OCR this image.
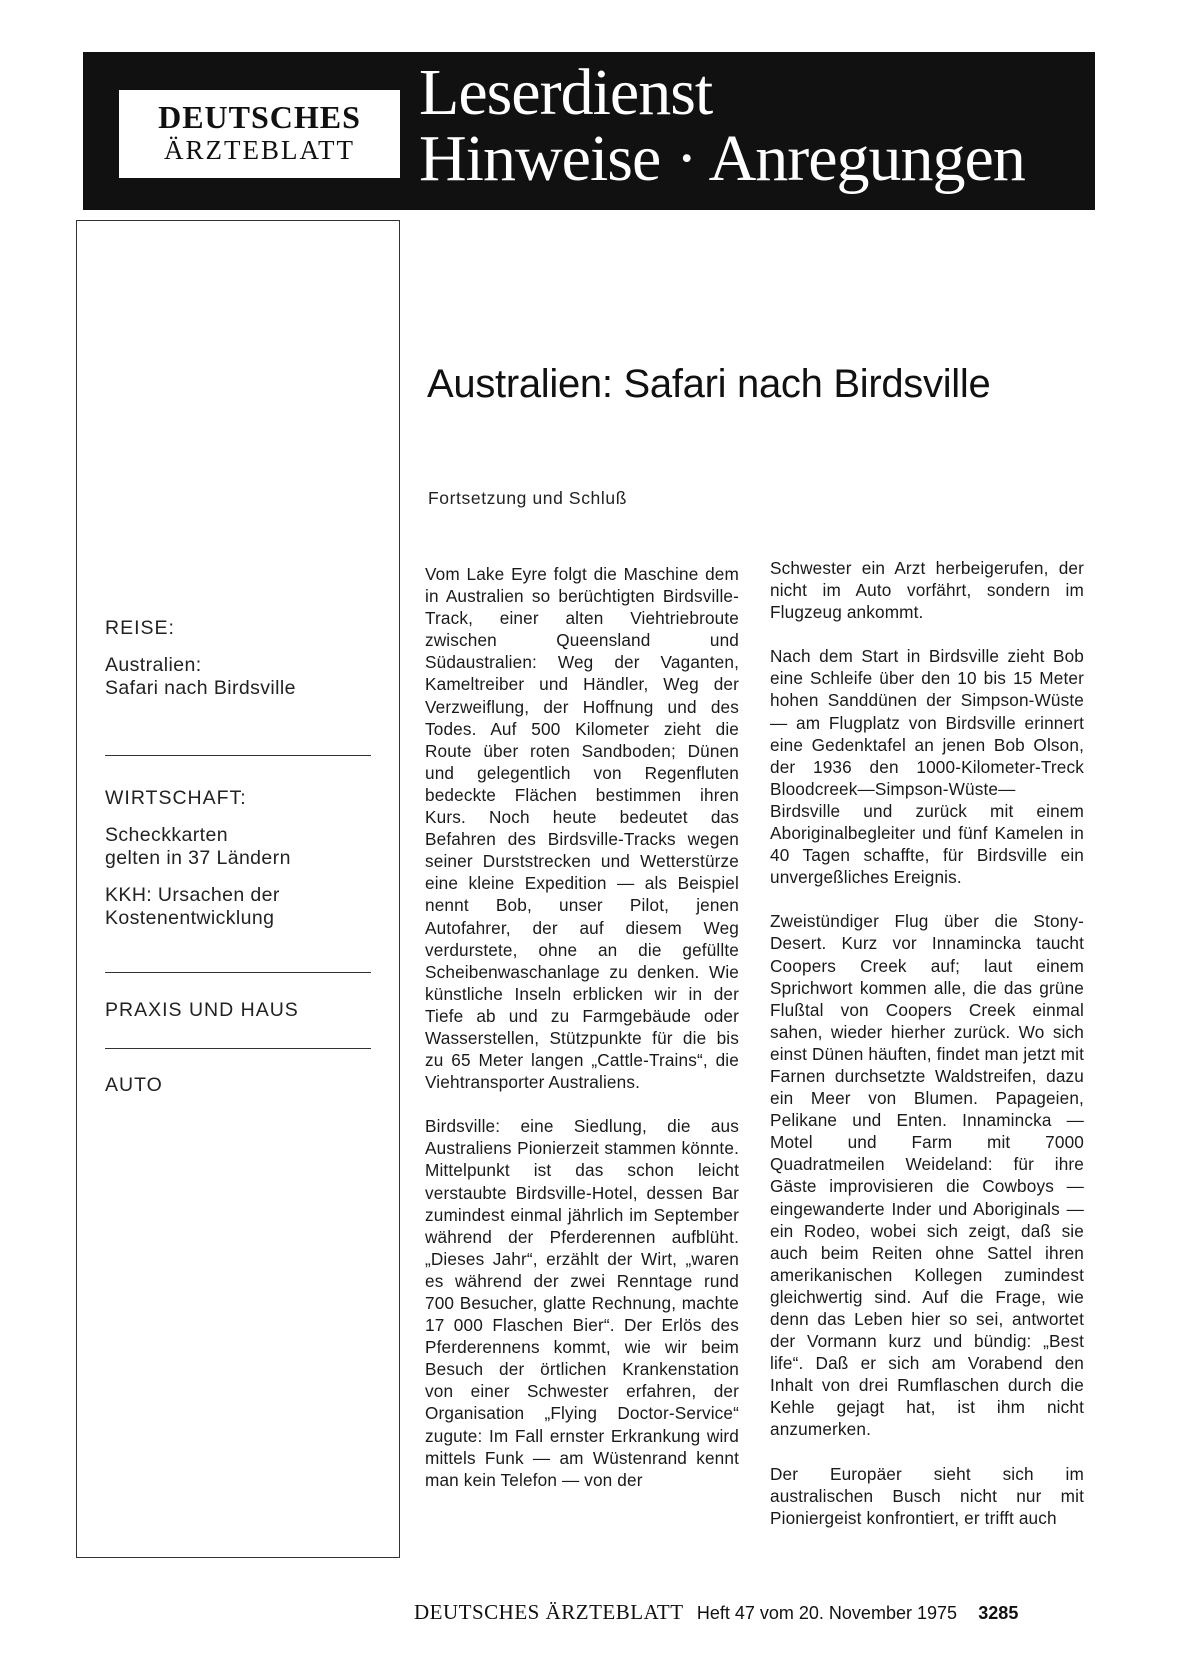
DEUTSCHES
ÄRZTEBLATT
Leserdienst
Hinweise · Anregungen
REISE:
Australien:
Safari nach Birdsville
WIRTSCHAFT:
Scheckkarten
gelten in 37 Ländern
KKH: Ursachen der
Kostenentwicklung
PRAXIS UND HAUS
AUTO
Australien: Safari nach Birdsville
Fortsetzung und Schluß

Vom Lake Eyre folgt die Maschine dem in Australien so berüchtigten Birdsville-Track, einer alten Viehtriebroute zwischen Queensland und Südaustralien: Weg der Vaganten, Kameltreiber und Händler, Weg der Verzweiflung, der Hoffnung und des Todes. Auf 500 Kilometer zieht die Route über roten Sandboden; Dünen und gelegentlich von Regenfluten bedeckte Flächen bestimmen ihren Kurs. Noch heute bedeutet das Befahren des Birdsville-Tracks wegen seiner Durststrecken und Wetterstürze eine kleine Expedition — als Beispiel nennt Bob, unser Pilot, jenen Autofahrer, der auf diesem Weg verdurstete, ohne an die gefüllte Scheibenwaschanlage zu denken. Wie künstliche Inseln erblicken wir in der Tiefe ab und zu Farmgebäude oder Wasserstellen, Stützpunkte für die bis zu 65 Meter langen „Cattle-Trains“, die Viehtransporter Australiens.

Birdsville: eine Siedlung, die aus Australiens Pionierzeit stammen könnte. Mittelpunkt ist das schon leicht verstaubte Birdsville-Hotel, dessen Bar zumindest einmal jährlich im September während der Pferderennen aufblüht. „Dieses Jahr“, erzählt der Wirt, „waren es während der zwei Renntage rund 700 Besucher, glatte Rechnung, machte 17 000 Flaschen Bier“. Der Erlös des Pferderennens kommt, wie wir beim Besuch der örtlichen Krankenstation von einer Schwester erfahren, der Organisation „Flying Doctor-Service“ zugute: Im Fall ernster Erkrankung wird mittels Funk — am Wüstenrand kennt man kein Telefon — von der

Schwester ein Arzt herbeigerufen, der nicht im Auto vorfährt, sondern im Flugzeug ankommt.

Nach dem Start in Birdsville zieht Bob eine Schleife über den 10 bis 15 Meter hohen Sanddünen der Simpson-Wüste — am Flugplatz von Birdsville erinnert eine Gedenktafel an jenen Bob Olson, der 1936 den 1000-Kilometer-Treck Bloodcreek—Simpson-Wüste—Birdsville und zurück mit einem Aboriginalbegleiter und fünf Kamelen in 40 Tagen schaffte, für Birdsville ein unvergeßliches Ereignis.

Zweistündiger Flug über die Stony-Desert. Kurz vor Innamincka taucht Coopers Creek auf; laut einem Sprichwort kommen alle, die das grüne Flußtal von Coopers Creek einmal sahen, wieder hierher zurück. Wo sich einst Dünen häuften, findet man jetzt mit Farnen durchsetzte Waldstreifen, dazu ein Meer von Blumen. Papageien, Pelikane und Enten. Innamincka — Motel und Farm mit 7000 Quadratmeilen Weideland: für ihre Gäste improvisieren die Cowboys — eingewanderte Inder und Aboriginals — ein Rodeo, wobei sich zeigt, daß sie auch beim Reiten ohne Sattel ihren amerikanischen Kollegen zumindest gleichwertig sind. Auf die Frage, wie denn das Leben hier so sei, antwortet der Vormann kurz und bündig: „Best life“. Daß er sich am Vorabend den Inhalt von drei Rumflaschen durch die Kehle gejagt hat, ist ihm nicht anzumerken.

Der Europäer sieht sich im australischen Busch nicht nur mit Pioniergeist konfrontiert, er trifft auch

DEUTSCHES ÄRZTEBLATT Heft 47 vom 20. November 1975 3285
